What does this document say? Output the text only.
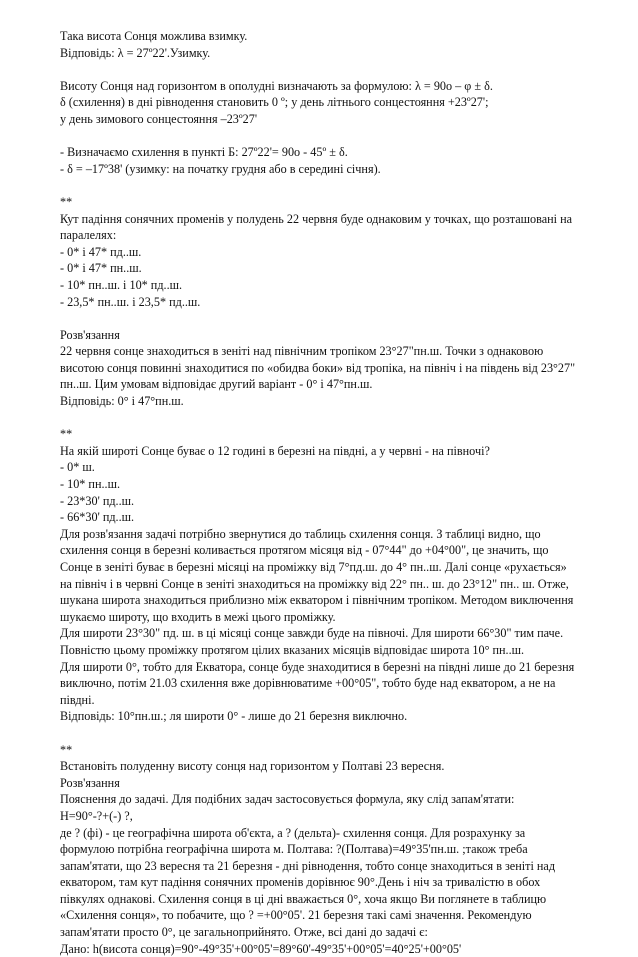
Така висота Сонця можлива взимку.
Відповідь: λ = 27º22'.Узимку.
Висоту Сонця над горизонтом в ополудні визначають за формулою: λ = 90о – φ ± δ.
δ (схилення) в дні рівнодення становить 0 º; у день літнього сонцестояння +23º27';
у день зимового сонцестояння –23º27'
- Визначаємо схилення в пункті Б: 27º22'= 90о - 45º ± δ.
- δ = –17º38' (узимку: на початку грудня або в середині січня).
**
Кут падіння сонячних променів у полудень 22 червня буде однаковим у точках, що розташовані на
паралелях:
- 0* і 47* пд..ш.
- 0* і 47* пн..ш.
- 10* пн..ш. і 10* пд..ш.
- 23,5* пн..ш. і 23,5* пд..ш.
Розв'язання
22 червня сонце знаходиться в зеніті над північним тропіком 23°27"пн.ш. Точки з однаковою
висотою сонця повинні знаходитися по «обидва боки» від тропіка, на північ і на південь від 23°27"
пн..ш. Цим умовам відповідає другий варіант - 0° і 47°пн.ш.
Відповідь: 0° і 47°пн.ш.
**
На якій широті Сонце буває о 12 годині в березні на півдні, а у червні - на півночі?
- 0* ш.
- 10* пн..ш.
- 23*30' пд..ш.
- 66*30' пд..ш.
Для розв'язання задачі потрібно звернутися до таблиць схилення сонця. З таблиці видно, що
схилення сонця в березні коливається протягом місяця від - 07°44" до +04°00", це значить, що
Сонце в зеніті буває в березні місяці на проміжку від 7°пд.ш. до 4° пн..ш. Далі сонце «рухається»
на північ і в червні Сонце в зеніті знаходиться на проміжку від 22° пн.. ш. до 23°12" пн.. ш. Отже,
шукана широта знаходиться приблизно між екватором і північним тропіком. Методом виключення
шукаємо широту, що входить в межі цього проміжку.
Для широти 23°30" пд. ш. в ці місяці сонце завжди буде на півночі. Для широти 66°30" тим паче.
Повністю цьому проміжку протягом цілих вказаних місяців відповідає широта 10° пн..ш.
Для широти 0°, тобто для Екватора, сонце буде знаходитися в березні на півдні лише до 21 березня
виключно, потім 21.03 схилення вже дорівнюватиме +00°05", тобто буде над екватором, а не на
півдні.
Відповідь: 10°пн.ш.; ля широти 0° - лише до 21 березня виключно.
**
Встановіть полуденну висоту сонця над горизонтом у Полтаві 23 вересня.
Розв'язання
Пояснення до задачі. Для подібних задач застосовується формула, яку слід запам'ятати:
Н=90°-?+(-) ?,
де ? (фі) - це географічна широта об'єкта, а ? (дельта)- схилення сонця. Для розрахунку за
формулою потрібна географічна широта м. Полтава: ?(Полтава)=49°35'пн.ш. ;також треба
запам'ятати, що 23 вересня та 21 березня - дні рівнодення, тобто сонце знаходиться в зеніті над
екватором, там кут падіння сонячних променів дорівнює 90°.День і ніч за тривалістю в обох
півкулях однакові. Схилення сонця в ці дні вважається 0°, хоча якщо Ви поглянете в таблицю
«Схилення сонця», то побачите, що ? =+00°05'. 21 березня такі самі значення. Рекомендую
запам'ятати просто 0°, це загальноприйнято. Отже, всі дані до задачі є:
Дано: h(висота сонця)=90°-49°35'+00°05'=89°60'-49°35'+00°05'=40°25'+00°05'
